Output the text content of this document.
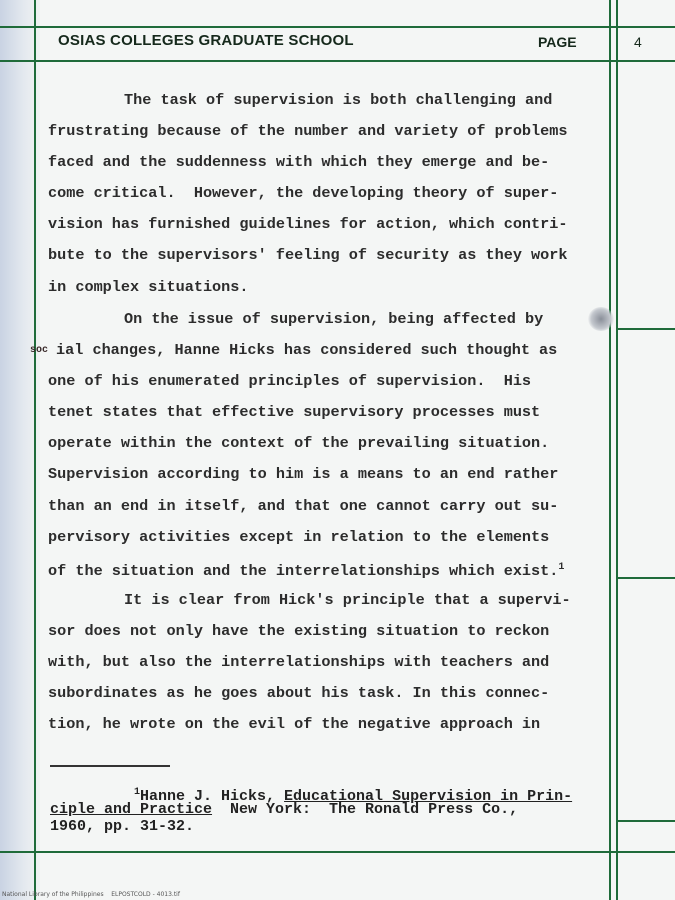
OSIAS COLLEGES GRADUATE SCHOOL	PAGE	4
The task of supervision is both challenging and
frustrating because of the number and variety of problems
faced and the suddenness with which they emerge and be-
come critical.  However, the developing theory of super-
vision has furnished guidelines for action, which contri-
bute to the supervisors' feeling of security as they work
in complex situations.
On the issue of supervision, being affected by
soc ial changes, Hanne Hicks has considered such thought as
one of his enumerated principles of supervision.  His
tenet states that effective supervisory processes must
operate within the context of the prevailing situation.
Supervision according to him is a means to an end rather
than an end in itself, and that one cannot carry out su-
pervisory activities except in relation to the elements
of the situation and the interrelationships which exist.$^1$
It is clear from Hick's principle that a supervi-
sor does not only have the existing situation to reckon
with, but also the interrelationships with teachers and
subordinates as he goes about his task. In this connec-
tion, he wrote on the evil of the negative approach in
$^1$Hanne J. Hicks, Educational Supervision in Prin-
ciple and Practice  New York:  The Ronald Press Co.,
1960, pp. 31-32.
National Library of the Philippines    ELPOSTCOLD - 4013.tif
